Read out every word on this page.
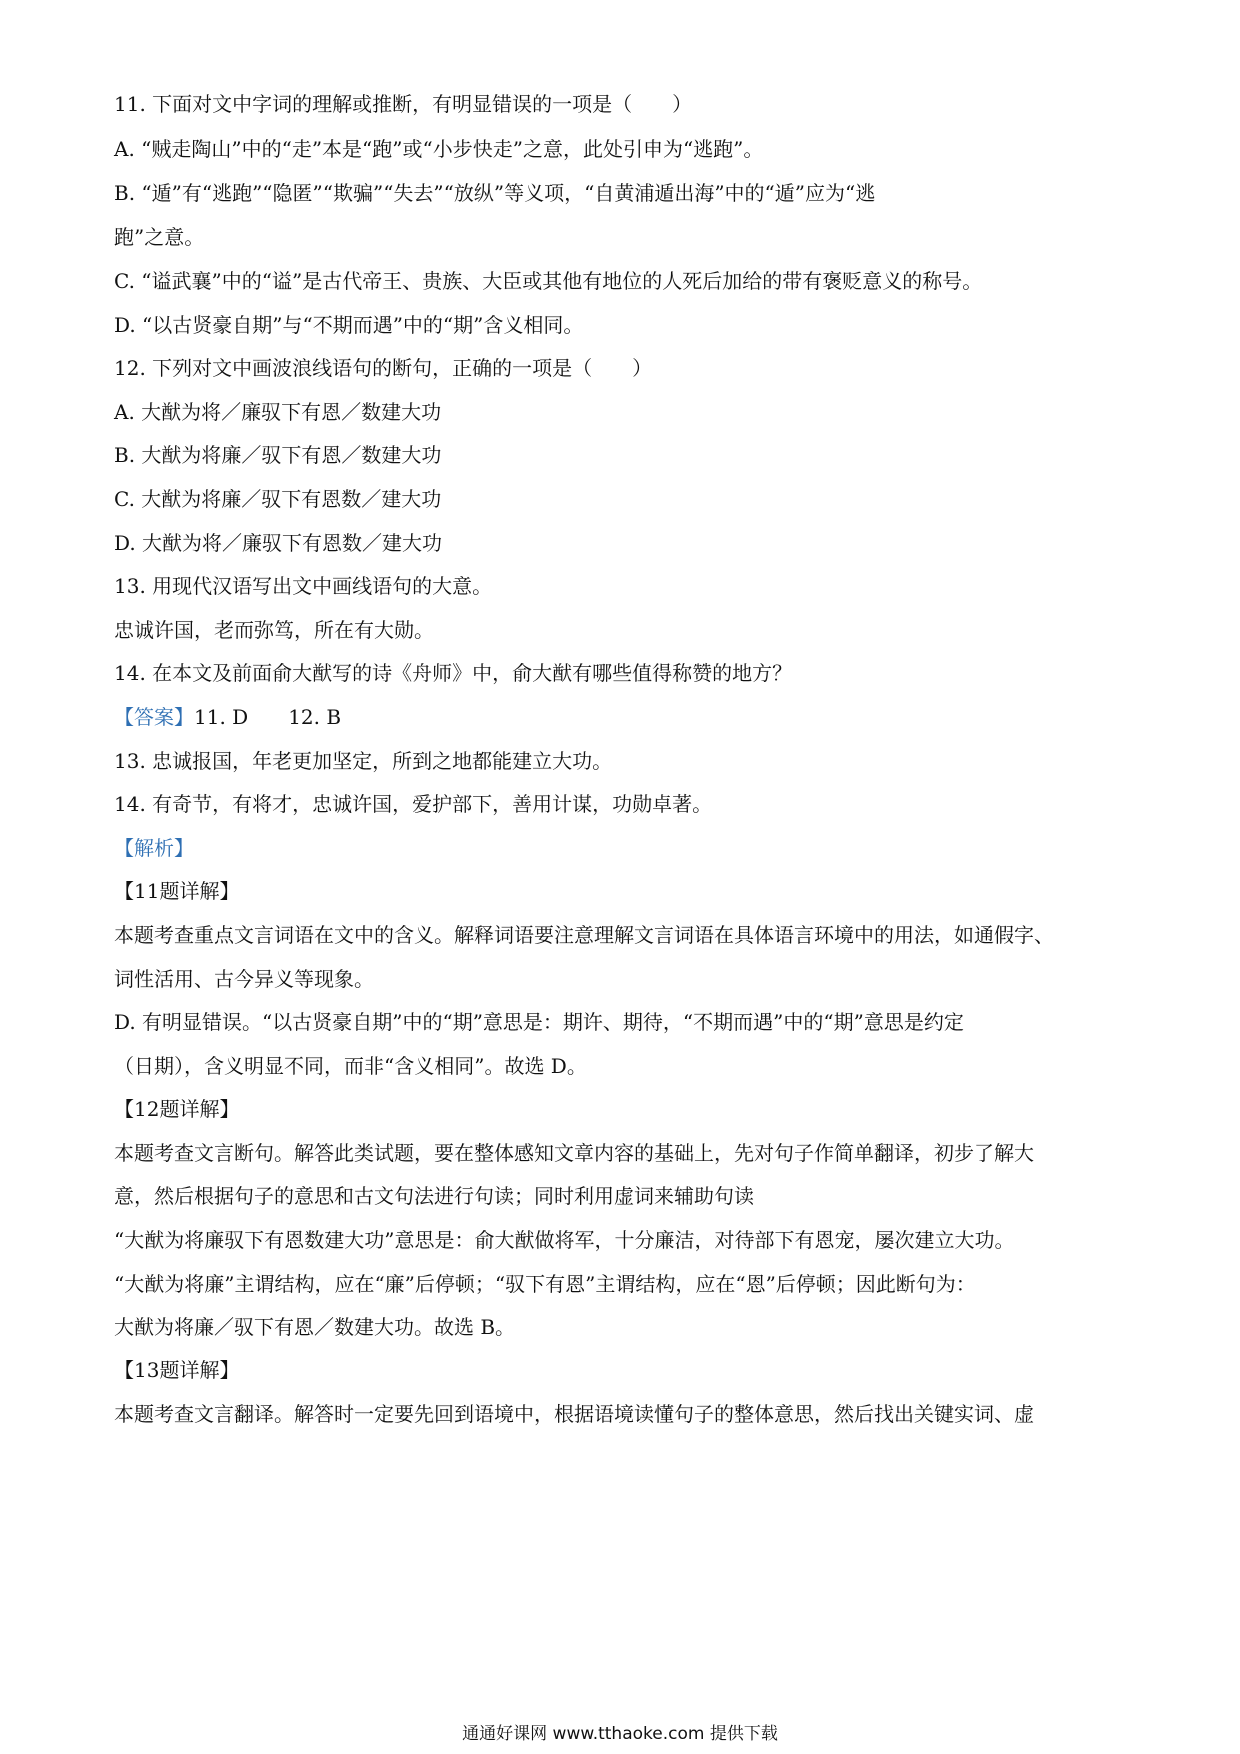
11. 下面对文中字词的理解或推断，有明显错误的一项是（　　）
A. “贼走陶山”中的“走”本是“跑”或“小步快走”之意，此处引申为“逃跑”。
B. “遁”有“逃跑”“隐匿”“欺骗”“失去”“放纵”等义项，“自黄浦遁出海”中的“遁”应为“逃
跑”之意。
C. “谥武襄”中的“谥”是古代帝王、贵族、大臣或其他有地位的人死后加给的带有褒贬意义的称号。
D. “以古贤豪自期”与“不期而遇”中的“期”含义相同。
12. 下列对文中画波浪线语句的断句，正确的一项是（　　）
A. 大猷为将／廉驭下有恩／数建大功
B. 大猷为将廉／驭下有恩／数建大功
C. 大猷为将廉／驭下有恩数／建大功
D. 大猷为将／廉驭下有恩数／建大功
13. 用现代汉语写出文中画线语句的大意。
忠诚许国，老而弥笃，所在有大勋。
14. 在本文及前面俞大猷写的诗《舟师》中，俞大猷有哪些值得称赞的地方？
【答案】11. D 12. B
13. 忠诚报国，年老更加坚定，所到之地都能建立大功。
14. 有奇节，有将才，忠诚许国，爱护部下，善用计谋，功勋卓著。
【解析】
【11题详解】
本题考查重点文言词语在文中的含义。解释词语要注意理解文言词语在具体语言环境中的用法，如通假字、
词性活用、古今异义等现象。
D. 有明显错误。“以古贤豪自期”中的“期”意思是：期许、期待，“不期而遇”中的“期”意思是约定
（日期），含义明显不同，而非“含义相同”。故选 D。
【12题详解】
本题考查文言断句。解答此类试题，要在整体感知文章内容的基础上，先对句子作简单翻译，初步了解大
意，然后根据句子的意思和古文句法进行句读；同时利用虚词来辅助句读
“大猷为将廉驭下有恩数建大功”意思是：俞大猷做将军，十分廉洁，对待部下有恩宠，屡次建立大功。
“大猷为将廉”主谓结构，应在“廉”后停顿；“驭下有恩”主谓结构，应在“恩”后停顿；因此断句为：
大猷为将廉／驭下有恩／数建大功。故选 B。
【13题详解】
本题考查文言翻译。解答时一定要先回到语境中，根据语境读懂句子的整体意思，然后找出关键实词、虚
通通好课网 www.tthaoke.com 提供下载
